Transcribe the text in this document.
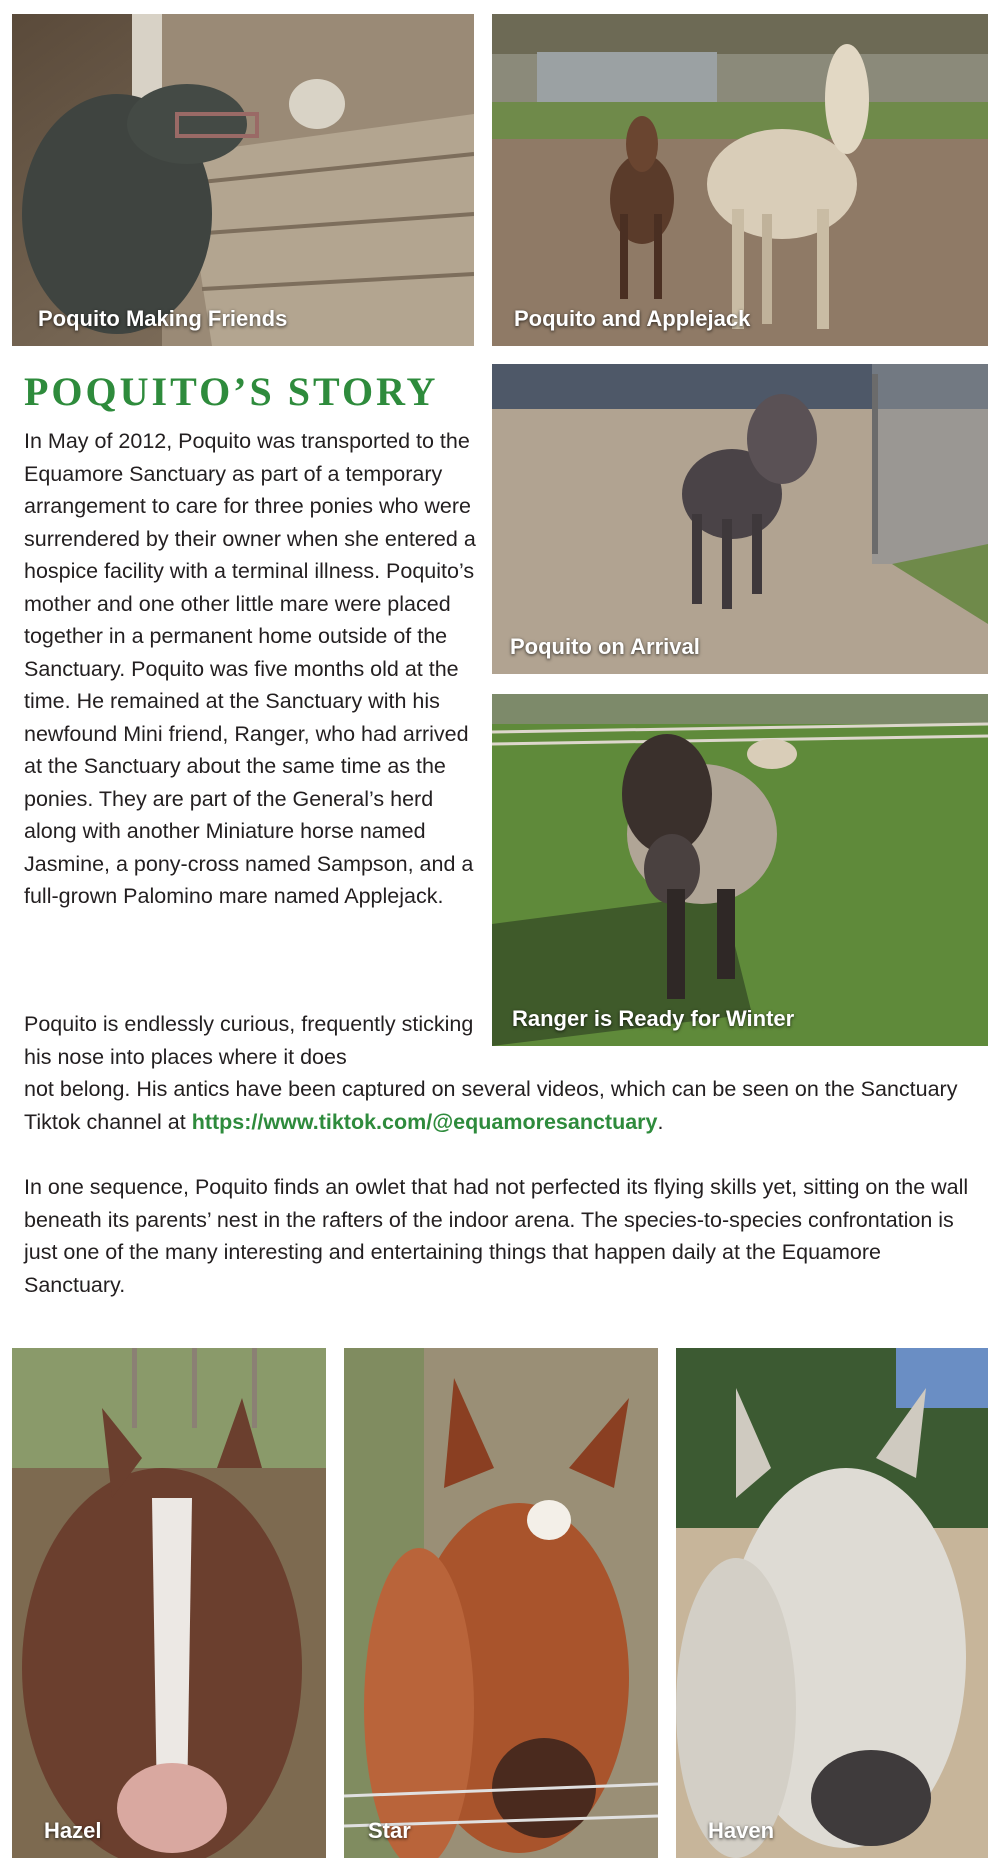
Poquito Making Friends	Poquito and Applejack
Poquito on Arrival
Ranger is Ready for Winter
POQUITO’S STORY

In May of 2012, Poquito was transported to the Equamore Sanctuary as part of a temporary arrangement to care for three ponies who were surrendered by their owner when she entered a hospice facility with a terminal illness. Poquito’s mother and one other little mare were placed together in a permanent home outside of the Sanctuary. Poquito was five months old at the time. He remained at the Sanctuary with his newfound Mini friend, Ranger, who had arrived at the Sanctuary about the same time as the ponies. They are part of the General’s herd along with another Miniature horse named Jasmine, a pony-cross named Sampson, and a full-grown Palomino mare named Applejack.

Poquito is endlessly curious, frequently sticking his nose into places where it does

not belong. His antics have been captured on several videos, which can be seen on the Sanctuary Tiktok channel at https://www.tiktok.com/@equamoresanctuary.

In one sequence, Poquito finds an owlet that had not perfected its flying skills yet, sitting on the wall beneath its parents’ nest in the rafters of the indoor arena. The species-to-species confrontation is just one of the many interesting and entertaining things that happen daily at the Equamore Sanctuary.

Hazel	Star	Haven
